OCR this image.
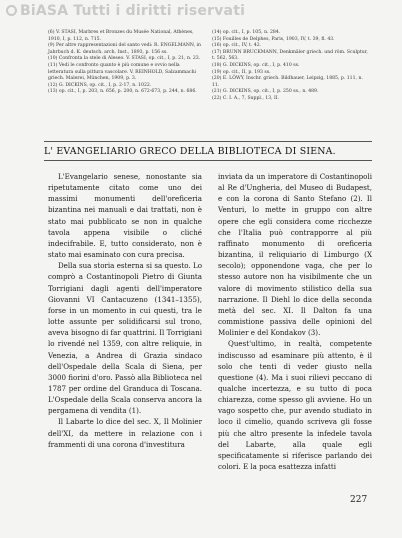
BiASA Tutti i diritti riservati

(6) V. STASI, Marbres et Bronzes du Musée National, Athènes, 1910, I, p. 112, n. 715.

(9) Per altre rappresentazioni del santo vedi: R. ENGELMANN, in Jahrbuch d. K. deutsch. arch. Inst., 1893, p. 156 ss.

(10) Confronta la stele di Aleseo. V. STASI, op. cit., I, p. 21, n. 23.

(11) Vedi le confronto quanto è più comune e ovvio nella letteratura sulla pittura vascolare. V. REINHOLD, Salzammachi griech. Malerei, München, 1909, p. 3.

(12) G. DICKINS, op. cit., I, p. 2-17, n. 1022.

(13) op. cit., I, p. 203, n. 656, p. 200, n. 672-673, p. 244, n. 686.

(14) op. cit., I, p. 105, n. 284.

(15) Fouilles de Delphes, Paris, 1903, IV, t. 39, fl. 43.

(16) op. cit., IV, t. 42.

(17) BRUNN BRUCKMANN, Denkmäler griech. und röm. Sculptur, t. 562, 563.

(18) G. DICKINS, op. cit., I, p. 410 ss.

(19) op. cit., II, p. 193 ss.

(20) E. LÖWY, Inschr. griech. Bildhauer, Leipzig, 1885, p. 111, n. 11.

(21) G. DICKINS, op. cit., I, p. 250 ss., n. 489.

(22) C. I. A., 7, Suppl., 13, II.

L' EVANGELIARIO GRECO DELLA BIBLIOTECA DI SIENA.

L'Evangelario senese, nonostante sia ripetutamente citato come uno dei massimi monumenti dell'oreficeria bizantina nei manuali e dai trattati, non è stato mai pubblicato se non in qualche tavola appena visibile o cliché indecifrabile. E, tutto considerato, non è stato mai esaminato con cura precisa.

Della sua storia esterna si sa questo. Lo comprò a Costantinopoli Pietro di Giunta Torrigiani dagli agenti dell'imperatore Giovanni VI Cantacuzeno (1341–1355), forse in un momento in cui questi, tra le lotte assunte per solidificarsi sul trono, aveva bisogno di far quattrini. Il Torrigiani lo rivendé nel 1359, con altre reliquie, in Venezia, a Andrea di Grazia sindaco dell'Ospedale della Scala di Siena, per 3000 fiorini d'oro. Passò alla Biblioteca nel 1787 per ordine del Granduca di Toscana. L'Ospedale della Scala conserva ancora la pergamena di vendita (1).

Il Labarte lo dice del sec. X, Il Molinier dell'XI, da mettere in relazione con i frammenti di una corona d'investitura

inviata da un imperatore di Costantinopoli al Re d'Ungheria, del Museo di Budapest, e con la corona di Santo Stefano (2). Il Venturi, lo mette in gruppo con altre opere che egli considera come ricchezze che l'Italia può contrapporre al più raffinato monumento di oreficeria bizantina, il reliquiario di Limburgo (X secolo); opponendone vaga, che per lo stesso autore non ha visibilmente che un valore di movimento stilistico della sua narrazione. Il Diehl lo dice della seconda metà del sec. XI. Il Dalton fa una commistione passiva delle opinioni del Molinier e del Kondakov (3).

Quest'ultimo, in realtà, competente indiscusso ad esaminare più attento, è il solo che tenti di veder giusto nella questione (4). Ma i suoi rilievi peccano di qualche incertezza, e su tutto di poca chiarezza, come spesso gli avviene. Ho un vago sospetto che, pur avendo studiato in loco il cimelio, quando scriveva gli fosse più che altro presente la infedele tavola del Labarte, alla quale egli specificatamente si riferisce parlando dei colori. E la poca esattezza infatti

227
